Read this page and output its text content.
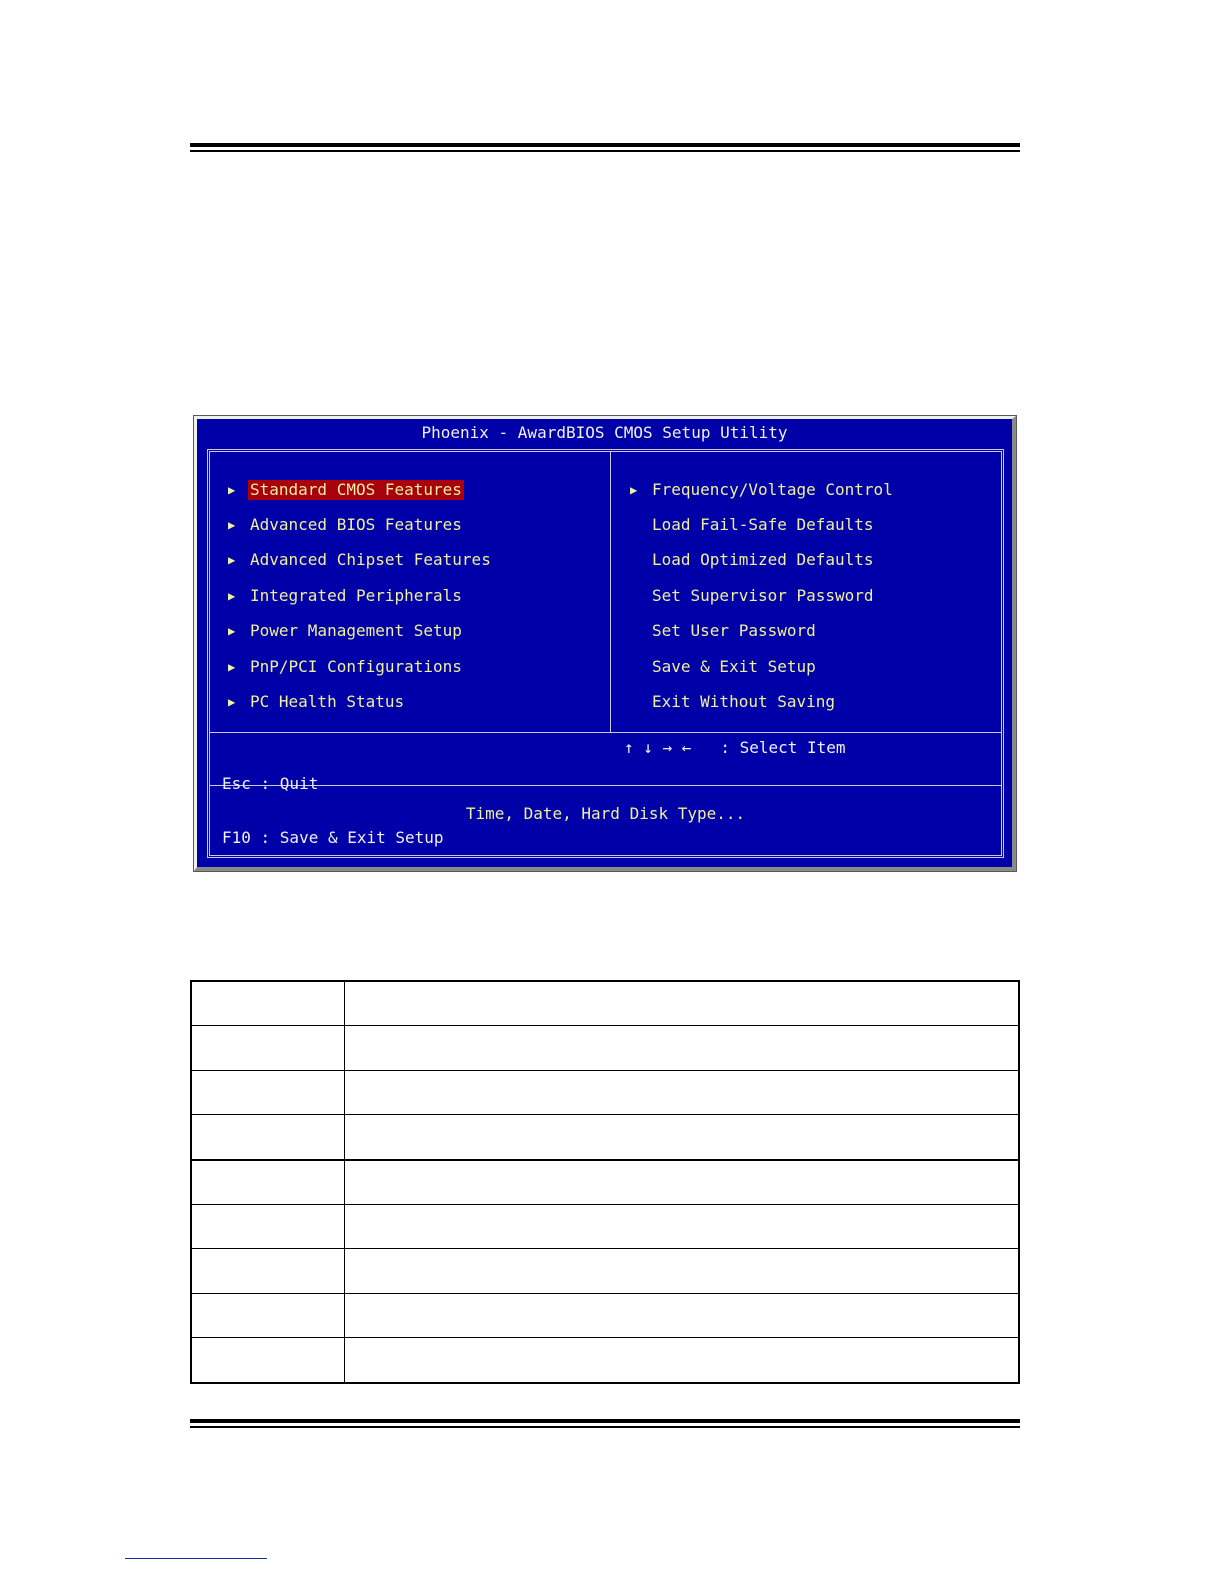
Phoenix - AwardBIOS CMOS Setup Utility
▶ Standard CMOS Features
▶ Advanced BIOS Features
▶ Advanced Chipset Features
▶ Integrated Peripherals
▶ Power Management Setup
▶ PnP/PCI Configurations
▶ PC Health Status
▶ Frequency/Voltage Control
Load Fail-Safe Defaults
Load Optimized Defaults
Set Supervisor Password
Set User Password
Save & Exit Setup
Exit Without Saving

Esc : Quit

F10 : Save & Exit Setup

↑ ↓ → ←   : Select Item

Time, Date, Hard Disk Type...
